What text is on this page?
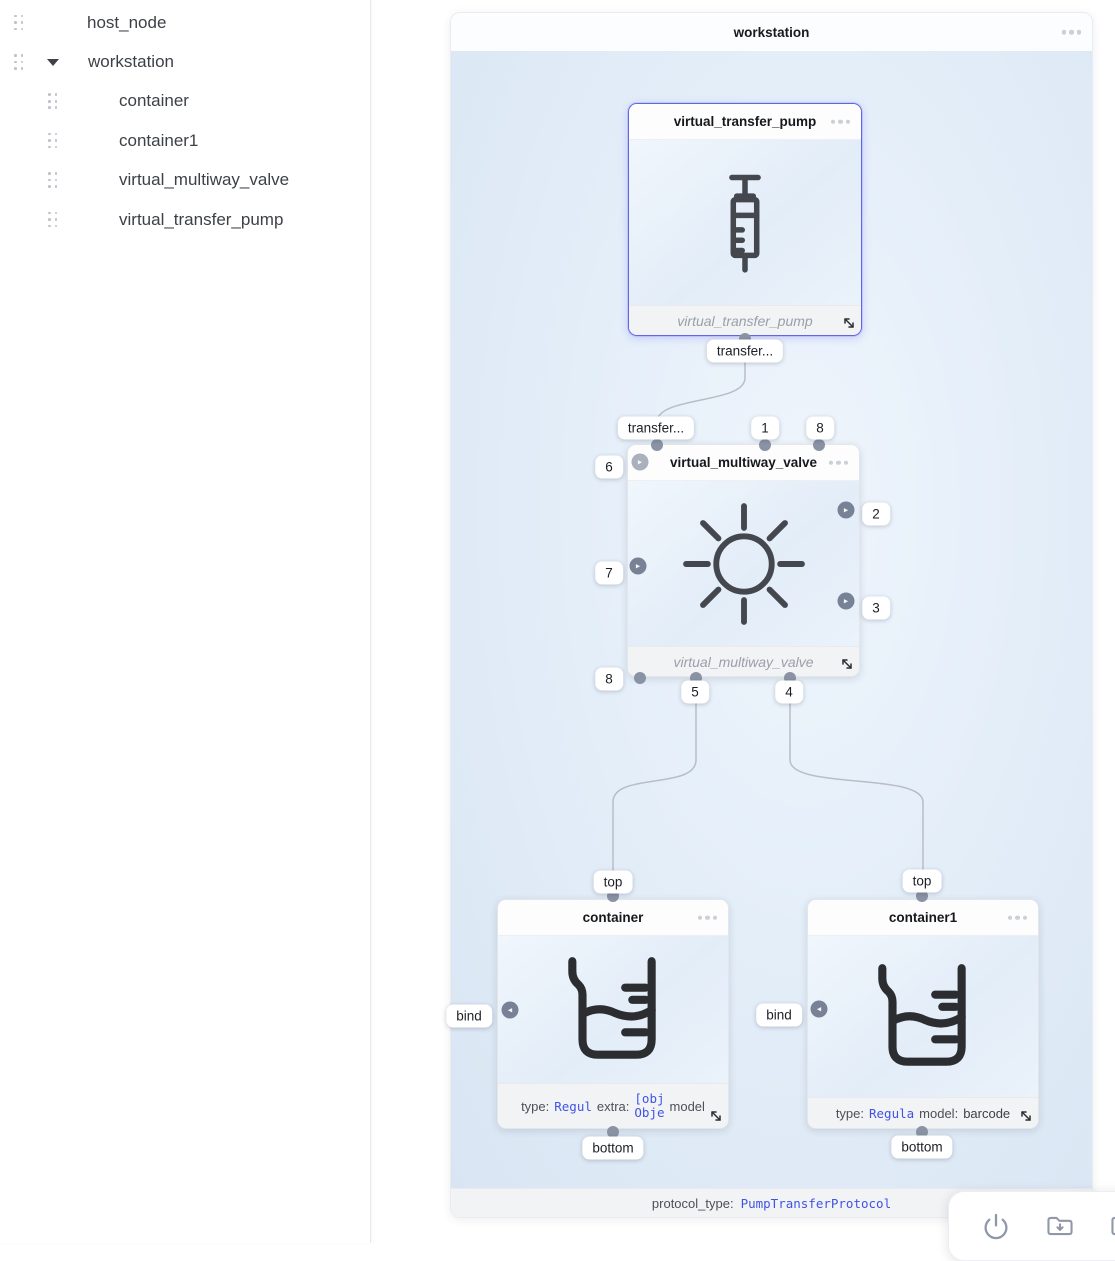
host_node
workstation
container
container1
virtual_multiway_valve
virtual_transfer_pump
workstation
protocol_type: PumpTransferProtocol
virtual_transfer_pump
virtual_transfer_pump
virtual_multiway_valve
virtual_multiway_valve
container
type: Regul extra:
[obj
Obje model
container1
type: Regula model: barcode
▸
▸
▸
▸
◂	◂
transfer...
transfer...	1	8
6
7
2
3
8
5	4
top	top
bind	bind
bottom	bottom
